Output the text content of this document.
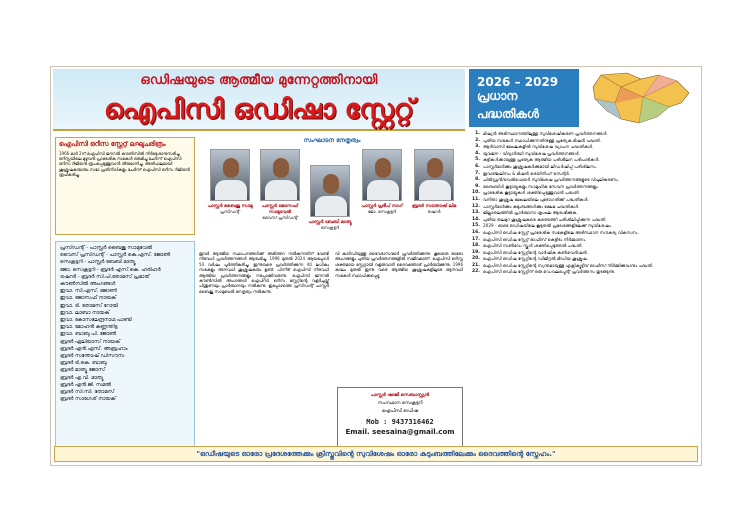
ഒഡിഷയുടെ ആത്മീയ മുന്നേറ്റത്തിനായി
ഐപിസി ഒഡിഷാ സ്റ്റേറ്റ്
2026 – 2029 പ്രധാന
പദ്ധതികൾ
ഐപിസി ഒറീസ സ്റ്റേറ്റ് ലഘുചരിത്രം

1966 മാർ 2ന് ഐപിസി ജനറൽ കൗൺസിൽ നിർദ്ദേശാനുസരിച്ചു ഒറീസ്സയിലെ മുഴുവൻ പ്രാദേശിക സഭകൾ ഒരുമിച്ചു ചേർന്ന് ഐപിസി ഒറീസ റീജിയൻ രൂപപ്പെടുത്തുവാൻ തീരുമാനിച്ചു. അതിഫലമായി ശുശ്രൂഷകന്മാരും സഭാ പ്രതിനിധികളും ചേർന്ന് ഐപിസി ഒറീസ റീജിയൻ രൂപീകരിച്ചു.

പ്രസിഡന്റ് - പാസ്റ്റർ ബൈജു സാമുവേൽ
വൈസ് പ്രസിഡന്റ് - പാസ്റ്റർ കെ.എസ്. ജോൺ
സെക്രട്ടറി - പാസ്റ്റർ ബേബി മാത്യൂ
ജോ. സെക്രട്ടറി - ബ്രദർ എസ്.കെ. ഹരിഹർ
ട്രഷറർ - ബ്രദർ സി.പി.തോമസ് പ്രഭാത്
കൗൺസിൽ അംഗങ്ങൾ
ഇവാ. സി.എസ്. ജോണി
ഇവാ. ജോസഫ് നായക്
ഇവാ. ടി. തോമസ് റോയി
ഇവാ. ലാബാ നായക്
ഇവാ. കോസലേന്ദ്രനാഥ പാണ്ടി
ഇവാ. മോഹൻ കണ്ണന്തിട്ട
ഇവാ. ബാബു പി. ജോൺ
ബ്രദർ ഏലിയാസ് നായക്
ബ്രദർ എൻ.എസ്. അബ്രഹാം
ബ്രദർ സന്തോഷ് ഡിസൗസ
ബ്രദർ ടി.കെ. ബാബു
ബ്രദർ മാത്യൂ ജോസ്
ബ്രദർ എ.വി. മാത്യു
ബ്രദർ എൻ.ജി. സമൽ
ബ്രദർ സി.സി. തോമസ്
ബ്രദർ സാഗേശ് നായക്
സംഘാടന നേതൃത്വം
പാസ്റ്റർ ബൈജു സാമു
പ്രസിഡന്റ്
പാസ്റ്റർ ജോസഫ് സാമുവേൽ
വൈസ് പ്രസിഡന്റ്
പാസ്റ്റർ ബേബി മാത്യൂ
സെക്രട്ടറി
പാസ്റ്റർ പ്രദീപ് നാഗ്
ജോ. സെക്രട്ടറി
ബ്രദർ സന്തോഷ് ലിമ
ട്രഷറർ
ഇവർ ആത്മീയ സ്ഥാപനങ്ങൾക്ക് അടിത്തറ നൽകുന്നതിന് വേണ്ടി നിരവധി പ്രവർത്തനങ്ങൾ ആരംഭിച്ചു. 1996 മുതൽ 2024 ആയപ്പോൾ 50 വർഷം പൂർത്തീകരിച്ചു. ഇന്നുവരെ പ്രവർത്തിക്കുന്ന 40 ലധികം സഭകളും അനവധി ശുശ്രൂഷകരും ഉണ്ട്. പിന്നീട് ഐപിസി നിരവധി ആത്മീയ പ്രവർത്തനങ്ങളും നടപ്പാക്കിവരുന്നു. ഐപിസി ജനറൽ കൗൺസിൽ അംഗങ്ങൾ ഐപിസി ഒറീസ സ്റ്റേറ്റിന്റെ വളർച്ചയ്ക്ക് പിന്തുണയും പ്രാർത്ഥനയും നൽകുന്നു. ഇപ്പോഴത്തെ പ്രസിഡന്റ് പാസ്റ്റർ ബൈജു സാമുവേൽ നേതൃത്വം നൽകുന്നു.
വി കാർഡിയുള്ള ദൈവദാസന്മാർ പ്രവർത്തിക്കുന്നു. കൂടാതെ ഓരോ അംഗങ്ങളും പുതിയ പ്രവർത്തനങ്ങളിൽ സജീവമാണ്. ഐപിസി ഒറീസ്സ ശക്തമായ സ്റ്റേറ്റായി വളരുവാൻ ദൈവത്തോട് പ്രാർത്ഥിക്കുന്നു. 1996 കാലം മുതൽ ഇന്നു വരെ ആത്മീയ ശുശ്രൂഷകളിലൂടെ ഒട്ടനവധി സഭകൾ സ്ഥാപിക്കപ്പെട്ടു.
പാസ്റ്റർ ഷാജി സെബാസ്റ്റ്യൻ
സംസ്ഥാന സെക്രട്ടറി
ഐപിസി ഒഡിഷ
Mob : 9437316462
Email. seesaina@gmail.com
1. മിഷ്യൻ അടിസ്ഥാനത്തിലുള്ള സുവിശേഷീകരണ പ്രവർത്തനങ്ങൾ.
2. പുതിയ സഭകൾ സ്ഥാപിക്കുന്നതിനുള്ള പ്രത്യേക മിഷൻ പദ്ധതി.
3. ആദിവാസി മേഖലകളിൽ സുവിശേഷ വ്യാപന പദ്ധതികൾ.
4. യുവജന - വിദ്യാർത്ഥി സുവിശേഷ പ്രവർത്തനങ്ങൾ.
5. കുട്ടികൾക്കായുള്ള പ്രത്യേക ആത്മീയ പരിശീലന പരിപാടികൾ.
6. പാസ്റ്റർമാർക്കും ശുശ്രൂഷകർക്കുമായി ലീഡർഷിപ്പ് പരിശീലനം.
7. ഇവാഞ്ചലിസം & മിഷൻ ട്രെയിനിംഗ് സെന്റർ.
8. ചിൽഡ്രൻ/വെൽഫെയർ സുവിശേഷ പ്രവർത്തനങ്ങളുടെ വിപുലീകരണം.
9. ബൈബിൾ കൂട്ടായ്മകളും സാമൂഹിക സേവന പ്രവർത്തനങ്ങളും.
10. പ്രാദേശിക കൂട്ടായ്മകൾ ശക്തിപ്പെടുത്തുവാൻ പദ്ധതി.
11. വനിതാ ശുശ്രൂഷ മേഖലയിലെ പുരോഗതിക്ക് പദ്ധതികൾ.
12. പാസ്റ്റർമാർക്കും കുടുംബങ്ങൾക്കും ക്ഷേമ പദ്ധതികൾ.
13. ജില്ലാതലത്തിൽ പ്രാർത്ഥനാ ശൃംഖല ആരംഭിക്കുക.
14. പുതിയ തലമുറ ശുശ്രൂഷകരെ കണ്ടെത്തി പരിശീലിപ്പിക്കുന്ന പദ്ധതി.
15. 2029 - ഓടെ ഒഡിഷയിലെ കൂടുതൽ പ്രദേശങ്ങളിലേക്ക് സുവിശേഷം.
16. ഐപിസി ഒഡിഷ സ്റ്റേറ്റ് പ്രാദേശിക സഭകളിലെ അടിസ്ഥാന സൗകര്യ വികസനം.
17. ഐപിസി ഒഡിഷ സ്റ്റേറ്റ് ഓഫീസ് കെട്ടിടം നിർമ്മാണം.
18. ഐപിസി സൺഡേ സ്കൂൾ ശക്തിപ്പെടുത്തൽ പദ്ധതി.
19. ഐപിസി ഒഡിഷ സ്റ്റേറ്റിന്റെ വാർഷിക കൺവെൻഷൻ.
20. ഐപിസി ഒഡിഷ സ്റ്റേറ്റിന്റെ ഡിജിറ്റൽ മീഡിയ ശുശ്രൂഷ.
21. ഐപിസി ഒഡിഷ സ്റ്റേറ്റിന്റെ സ്വന്തമായുള്ള എക്സിക്യൂട്ടീവ് ഓഫീസ് നിർമ്മിക്കുവാനും പദ്ധതി.
22. ഐപിസി ഒഡിഷ സ്റ്റേറ്റിന് ഒരു ഡെവലപ്മെന്റ് പ്രവർത്തനം തുടങ്ങുന്നു.
"ഒഡീഷയുടെ ഓരോ പ്രദേശത്തേക്കും ക്രിസ്തുവിന്റെ സുവിശേഷം ഓരോ കുടുംബത്തിലേക്കും ദൈവത്തിന്റെ സ്നേഹം."
